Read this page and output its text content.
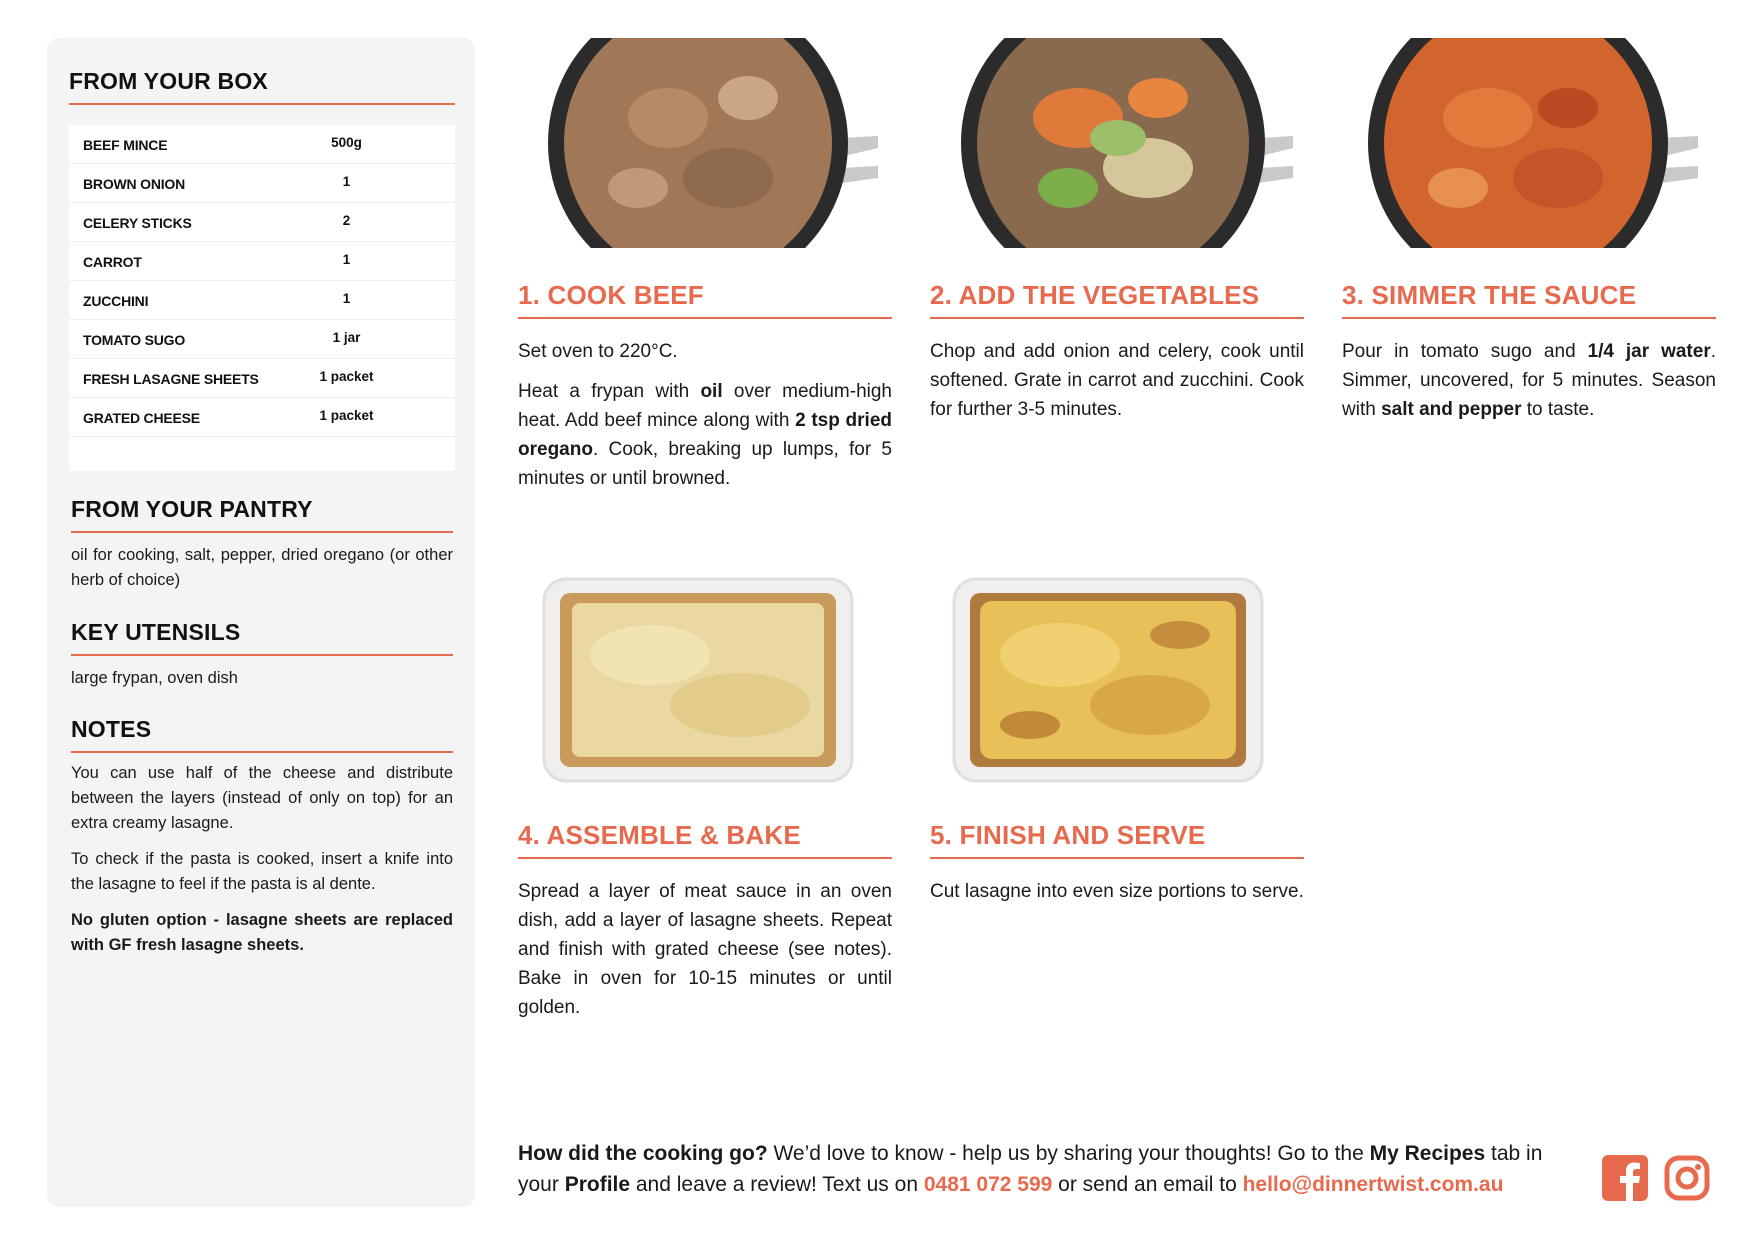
FROM YOUR BOX
BEEF MINCE	500g
BROWN ONION	1
CELERY STICKS	2
CARROT	1
ZUCCHINI	1
TOMATO SUGO	1 jar
FRESH LASAGNE SHEETS	1 packet
GRATED CHEESE	1 packet
FROM YOUR PANTRY

oil for cooking, salt, pepper, dried oregano (or other herb of choice)

KEY UTENSILS

large frypan, oven dish

NOTES

You can use half of the cheese and distribute between the layers (instead of only on top) for an extra creamy lasagne.

To check if the pasta is cooked, insert a knife into the lasagne to feel if the pasta is al dente.

No gluten option - lasagne sheets are replaced with GF fresh lasagne sheets.

1. COOK BEEF

Set oven to 220°C.

Heat a frypan with oil over medium-high heat. Add beef mince along with 2 tsp dried oregano. Cook, breaking up lumps, for 5 minutes or until browned.

2. ADD THE VEGETABLES

Chop and add onion and celery, cook until softened. Grate in carrot and zucchini. Cook for further 3-5 minutes.

3. SIMMER THE SAUCE

Pour in tomato sugo and 1/4 jar water. Simmer, uncovered, for 5 minutes. Season with salt and pepper to taste.

4. ASSEMBLE & BAKE

Spread a layer of meat sauce in an oven dish, add a layer of lasagne sheets. Repeat and finish with grated cheese (see notes). Bake in oven for 10-15 minutes or until golden.

5. FINISH AND SERVE

Cut lasagne into even size portions to serve.

How did the cooking go? We’d love to know - help us by sharing your thoughts! Go to the My Recipes tab in your Profile and leave a review! Text us on 0481 072 599 or send an email to hello@dinnertwist.com.au
